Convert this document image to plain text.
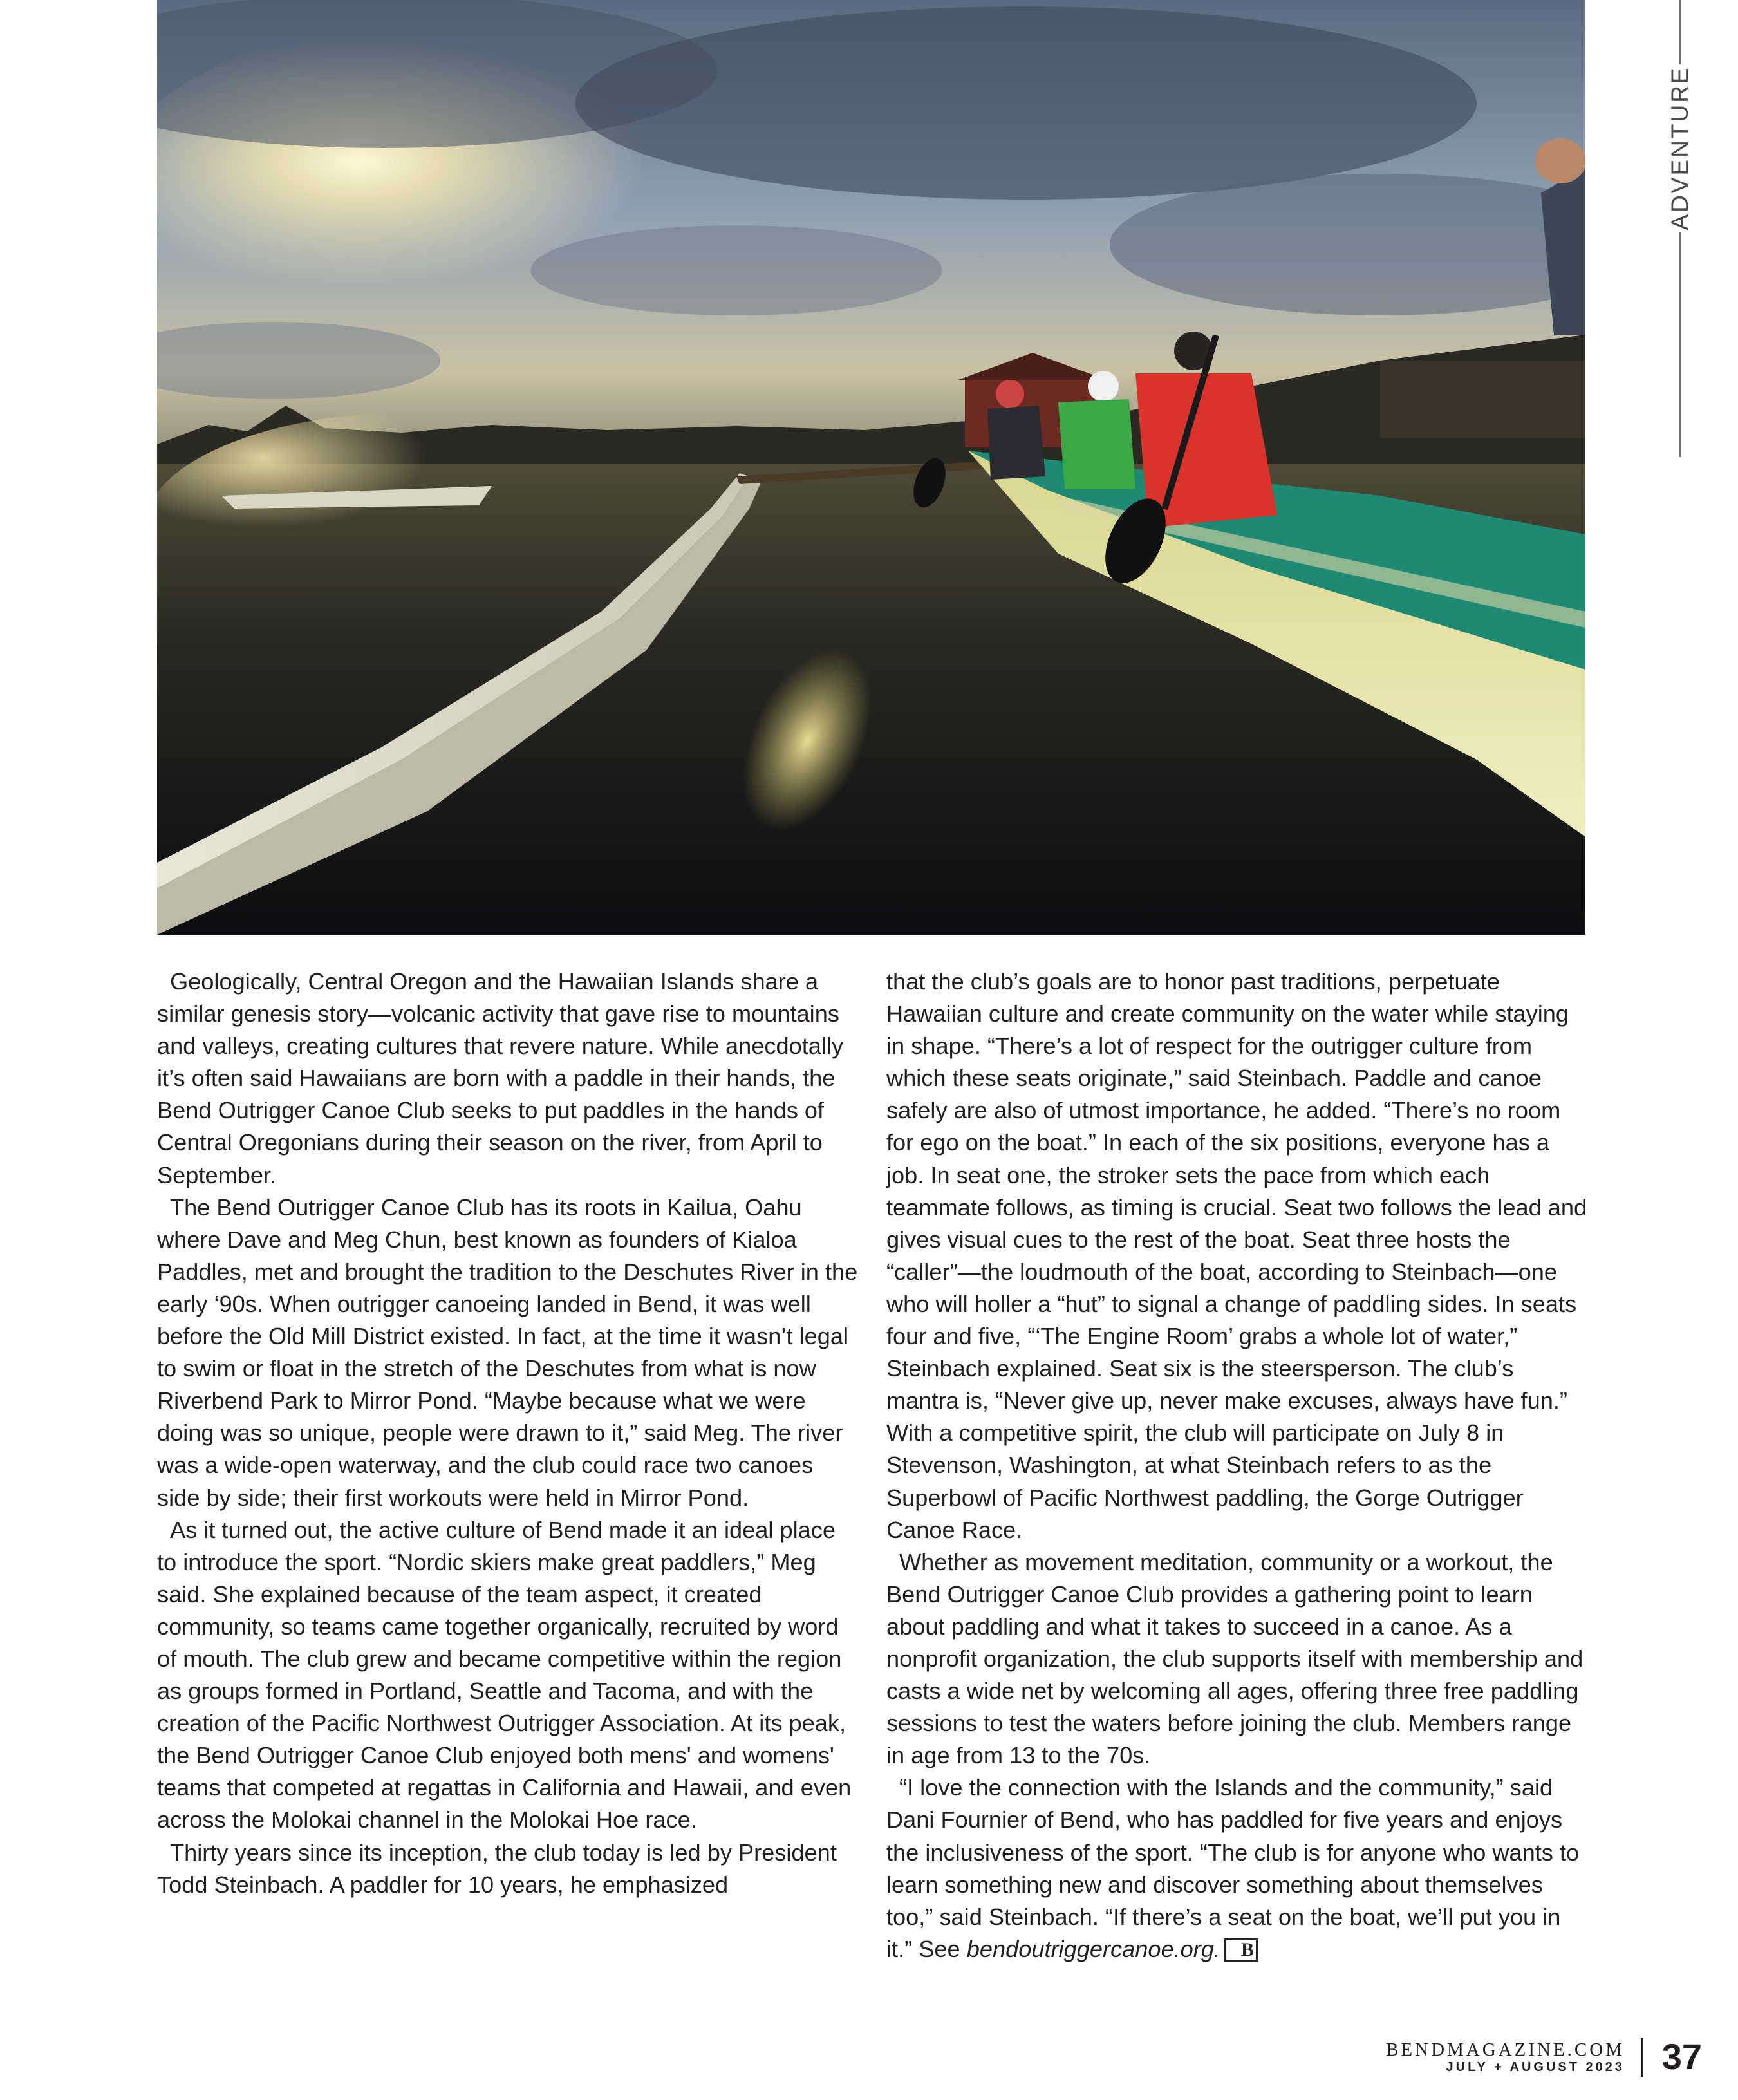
ADVENTURE

Geologically, Central Oregon and the Hawaiian Islands share a similar genesis story—volcanic activity that gave rise to mountains and valleys, creating cultures that revere nature. While anecdotally it’s often said Hawaiians are born with a paddle in their hands, the Bend Outrigger Canoe Club seeks to put paddles in the hands of Central Oregonians during their season on the river, from April to September.

The Bend Outrigger Canoe Club has its roots in Kailua, Oahu where Dave and Meg Chun, best known as founders of Kialoa Paddles, met and brought the tradition to the Deschutes River in the early ‘90s. When outrigger canoeing landed in Bend, it was well before the Old Mill District existed. In fact, at the time it wasn’t legal to swim or float in the stretch of the Deschutes from what is now Riverbend Park to Mirror Pond. “Maybe because what we were doing was so unique, people were drawn to it,” said Meg. The river was a wide-open waterway, and the club could race two canoes side by side; their first workouts were held in Mirror Pond.

As it turned out, the active culture of Bend made it an ideal place to introduce the sport. “Nordic skiers make great paddlers,” Meg said. She explained because of the team aspect, it created community, so teams came together organically, recruited by word of mouth. The club grew and became competitive within the region as groups formed in Portland, Seattle and Tacoma, and with the creation of the Pacific Northwest Outrigger Association. At its peak, the Bend Outrigger Canoe Club enjoyed both mens' and womens' teams that competed at regattas in California and Hawaii, and even across the Molokai channel in the Molokai Hoe race.

Thirty years since its inception, the club today is led by President Todd Steinbach. A paddler for 10 years, he emphasized

that the club’s goals are to honor past traditions, perpetuate Hawaiian culture and create community on the water while staying in shape. “There’s a lot of respect for the outrigger culture from which these seats originate,” said Steinbach. Paddle and canoe safely are also of utmost importance, he added. “There’s no room for ego on the boat.” In each of the six positions, everyone has a job. In seat one, the stroker sets the pace from which each teammate follows, as timing is crucial. Seat two follows the lead and gives visual cues to the rest of the boat. Seat three hosts the “caller”—the loudmouth of the boat, according to Steinbach—one who will holler a “hut” to signal a change of paddling sides. In seats four and five, “‘The Engine Room’ grabs a whole lot of water,” Steinbach explained. Seat six is the steersperson. The club’s mantra is, “Never give up, never make excuses, always have fun.” With a competitive spirit, the club will participate on July 8 in Stevenson, Washington, at what Steinbach refers to as the Superbowl of Pacific Northwest paddling, the Gorge Outrigger Canoe Race.

Whether as movement meditation, community or a workout, the Bend Outrigger Canoe Club provides a gathering point to learn about paddling and what it takes to succeed in a canoe. As a nonprofit organization, the club supports itself with membership and casts a wide net by welcoming all ages, offering three free paddling sessions to test the waters before joining the club. Members range in age from 13 to the 70s.

“I love the connection with the Islands and the community,” said Dani Fournier of Bend, who has paddled for five years and enjoys the inclusiveness of the sport. “The club is for anyone who wants to learn something new and discover something about themselves too,” said Steinbach. “If there’s a seat on the boat, we’ll put you in it.” See bendoutriggercanoe.org. B

BENDMAGAZINE.COM
JULY + AUGUST 2023 37
